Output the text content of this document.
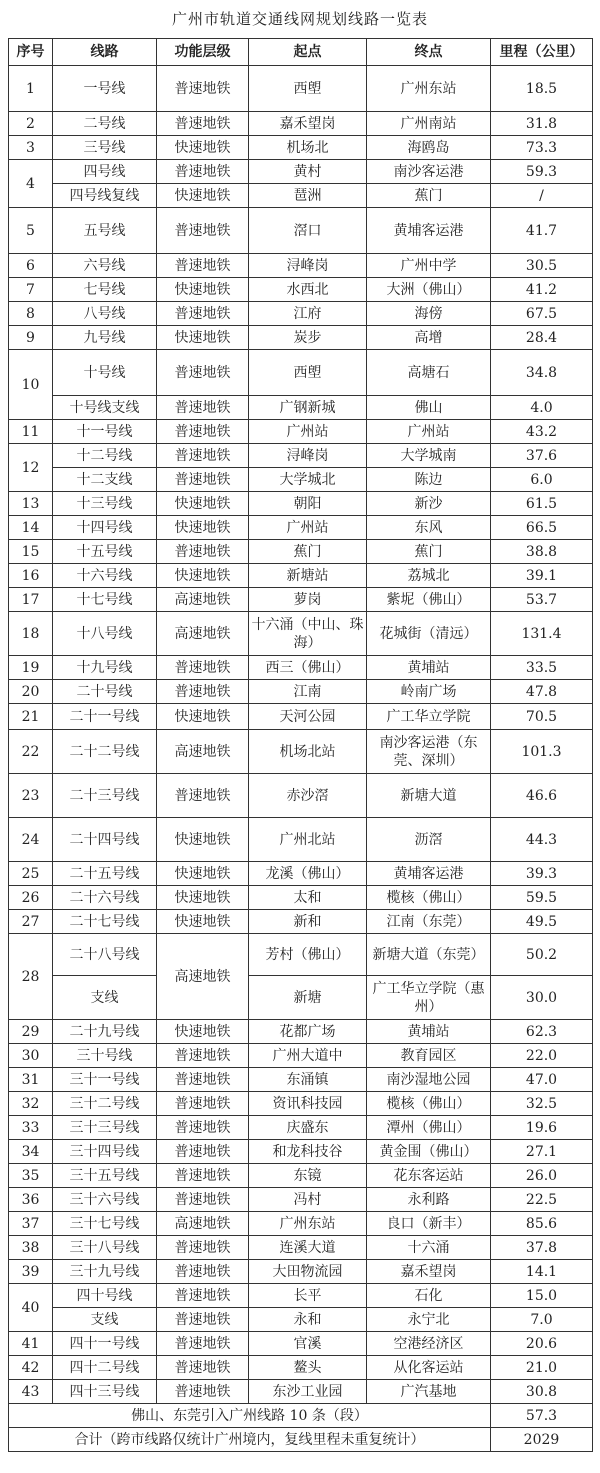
广州市轨道交通线网规划线路一览表
序号	线路	功能层级	起点	终点	里程（公里）
1	一号线	普速地铁	西塱	广州东站	18.5
2	二号线	普速地铁	嘉禾望岗	广州南站	31.8
3	三号线	快速地铁	机场北	海鸥岛	73.3
4	四号线	普速地铁	黄村	南沙客运港	59.3
	四号线复线	快速地铁	琶洲	蕉门	/
5	五号线	普速地铁	滘口	黄埔客运港	41.7
6	六号线	普速地铁	浔峰岗	广州中学	30.5
7	七号线	快速地铁	水西北	大洲（佛山）	41.2
8	八号线	普速地铁	江府	海傍	67.5
9	九号线	快速地铁	炭步	高增	28.4
10	十号线	普速地铁	西塱	高塘石	34.8
	十号线支线	普速地铁	广钢新城	佛山	4.0
11	十一号线	普速地铁	广州站	广州站	43.2
12	十二号线	普速地铁	浔峰岗	大学城南	37.6
	十二支线	普速地铁	大学城北	陈边	6.0
13	十三号线	快速地铁	朝阳	新沙	61.5
14	十四号线	快速地铁	广州站	东风	66.5
15	十五号线	普速地铁	蕉门	蕉门	38.8
16	十六号线	快速地铁	新塘站	荔城北	39.1
17	十七号线	高速地铁	萝岗	紫坭（佛山）	53.7
18	十八号线	高速地铁	十六涌（中山、珠海）	花城街（清远）	131.4
19	十九号线	普速地铁	西三（佛山）	黄埔站	33.5
20	二十号线	普速地铁	江南	岭南广场	47.8
21	二十一号线	快速地铁	天河公园	广工华立学院	70.5
22	二十二号线	高速地铁	机场北站	南沙客运港（东莞、深圳）	101.3
23	二十三号线	普速地铁	赤沙滘	新塘大道	46.6
24	二十四号线	快速地铁	广州北站	沥滘	44.3
25	二十五号线	快速地铁	龙溪（佛山）	黄埔客运港	39.3
26	二十六号线	快速地铁	太和	榄核（佛山）	59.5
27	二十七号线	快速地铁	新和	江南（东莞）	49.5
28	二十八号线	高速地铁	芳村（佛山）	新塘大道（东莞）	50.2
	支线		新塘	广工华立学院（惠州）	30.0
29	二十九号线	快速地铁	花都广场	黄埔站	62.3
30	三十号线	普速地铁	广州大道中	教育园区	22.0
31	三十一号线	普速地铁	东涌镇	南沙湿地公园	47.0
32	三十二号线	普速地铁	资讯科技园	榄核（佛山）	32.5
33	三十三号线	普速地铁	庆盛东	潭州（佛山）	19.6
34	三十四号线	普速地铁	和龙科技谷	黄金围（佛山）	27.1
35	三十五号线	普速地铁	东镜	花东客运站	26.0
36	三十六号线	普速地铁	冯村	永利路	22.5
37	三十七号线	高速地铁	广州东站	良口（新丰）	85.6
38	三十八号线	普速地铁	连溪大道	十六涌	37.8
39	三十九号线	普速地铁	大田物流园	嘉禾望岗	14.1
40	四十号线	普速地铁	长平	石化	15.0
	支线	普速地铁	永和	永宁北	7.0
41	四十一号线	普速地铁	官溪	空港经济区	20.6
42	四十二号线	普速地铁	鳌头	从化客运站	21.0
43	四十三号线	普速地铁	东沙工业园	广汽基地	30.8
佛山、东莞引入广州线路 10 条（段）					57.3
合计（跨市线路仅统计广州境内，复线里程未重复统计）					2029
